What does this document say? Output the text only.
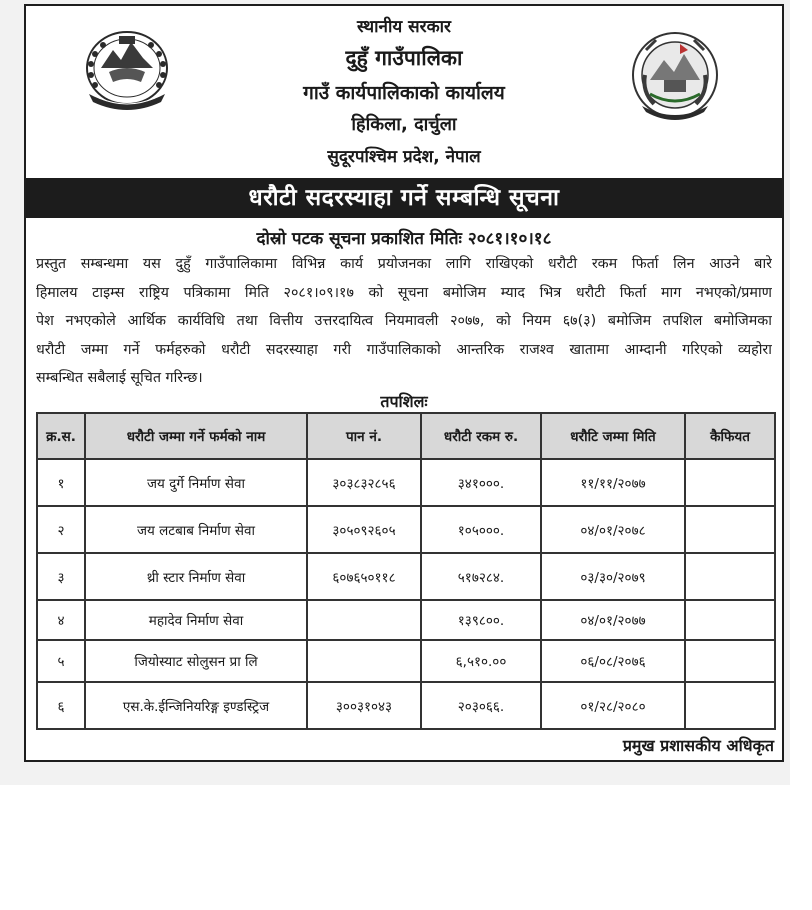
स्थानीय सरकार
दुहुँ गाउँपालिका
गाउँ कार्यपालिकाको कार्यालय
हिकिला, दार्चुला
सुदूरपश्चिम प्रदेश, नेपाल
धरौटी सदरस्याहा गर्ने सम्बन्धि सूचना
दोस्रो पटक सूचना प्रकाशित मितिः २०८१।१०।१८
प्रस्तुत सम्बन्धमा यस दुहुँ गाउँपालिकामा विभिन्न कार्य प्रयोजनका लागि राखिएको धरौटी रकम फिर्ता लिन आउने बारे
हिमालय टाइम्स राष्ट्रिय पत्रिकामा मिति २०८१।०९।१७ को सूचना बमोजिम म्याद भित्र धरौटी फिर्ता माग नभएको/प्रमाण
पेश नभएकोले आर्थिक कार्यविधि तथा वित्तीय उत्तरदायित्व नियमावली २०७७, को नियम ६७(३) बमोजिम तपशिल बमोजिमका
धरौटी जम्मा गर्ने फर्महरुको धरौटी सदरस्याहा गरी गाउँपालिकाको आन्तरिक राजश्व खातामा आम्दानी गरिएको व्यहोरा
सम्बन्धित सबैलाई सूचित गरिन्छ।
तपशिलः
क्र.स.	धरौटी जम्मा गर्ने फर्मको नाम	पान नं.	धरौटी रकम रु.	धरौटि जम्मा मिति	कैफियत
१	जय दुर्गे निर्माण सेवा	३०३८३२८५६	३४१०००.	११/११/२०७७	
२	जय लटबाब निर्माण सेवा	३०५०९२६०५	१०५०००.	०४/०१/२०७८	
३	थ्री स्टार निर्माण सेवा	६०७६५०११८	५१७२८४.	०३/३०/२०७९	
४	महादेव निर्माण सेवा		१३९८००.	०४/०१/२०७७	
५	जियोस्याट सोलुसन प्रा लि		६,५१०.००	०६/०८/२०७६	
६	एस.के.ईन्जिनियरिङ्ग इण्डस्ट्रिज	३००३१०४३	२०३०६६.	०१/२८/२०८०	
प्रमुख प्रशासकीय अधिकृत
